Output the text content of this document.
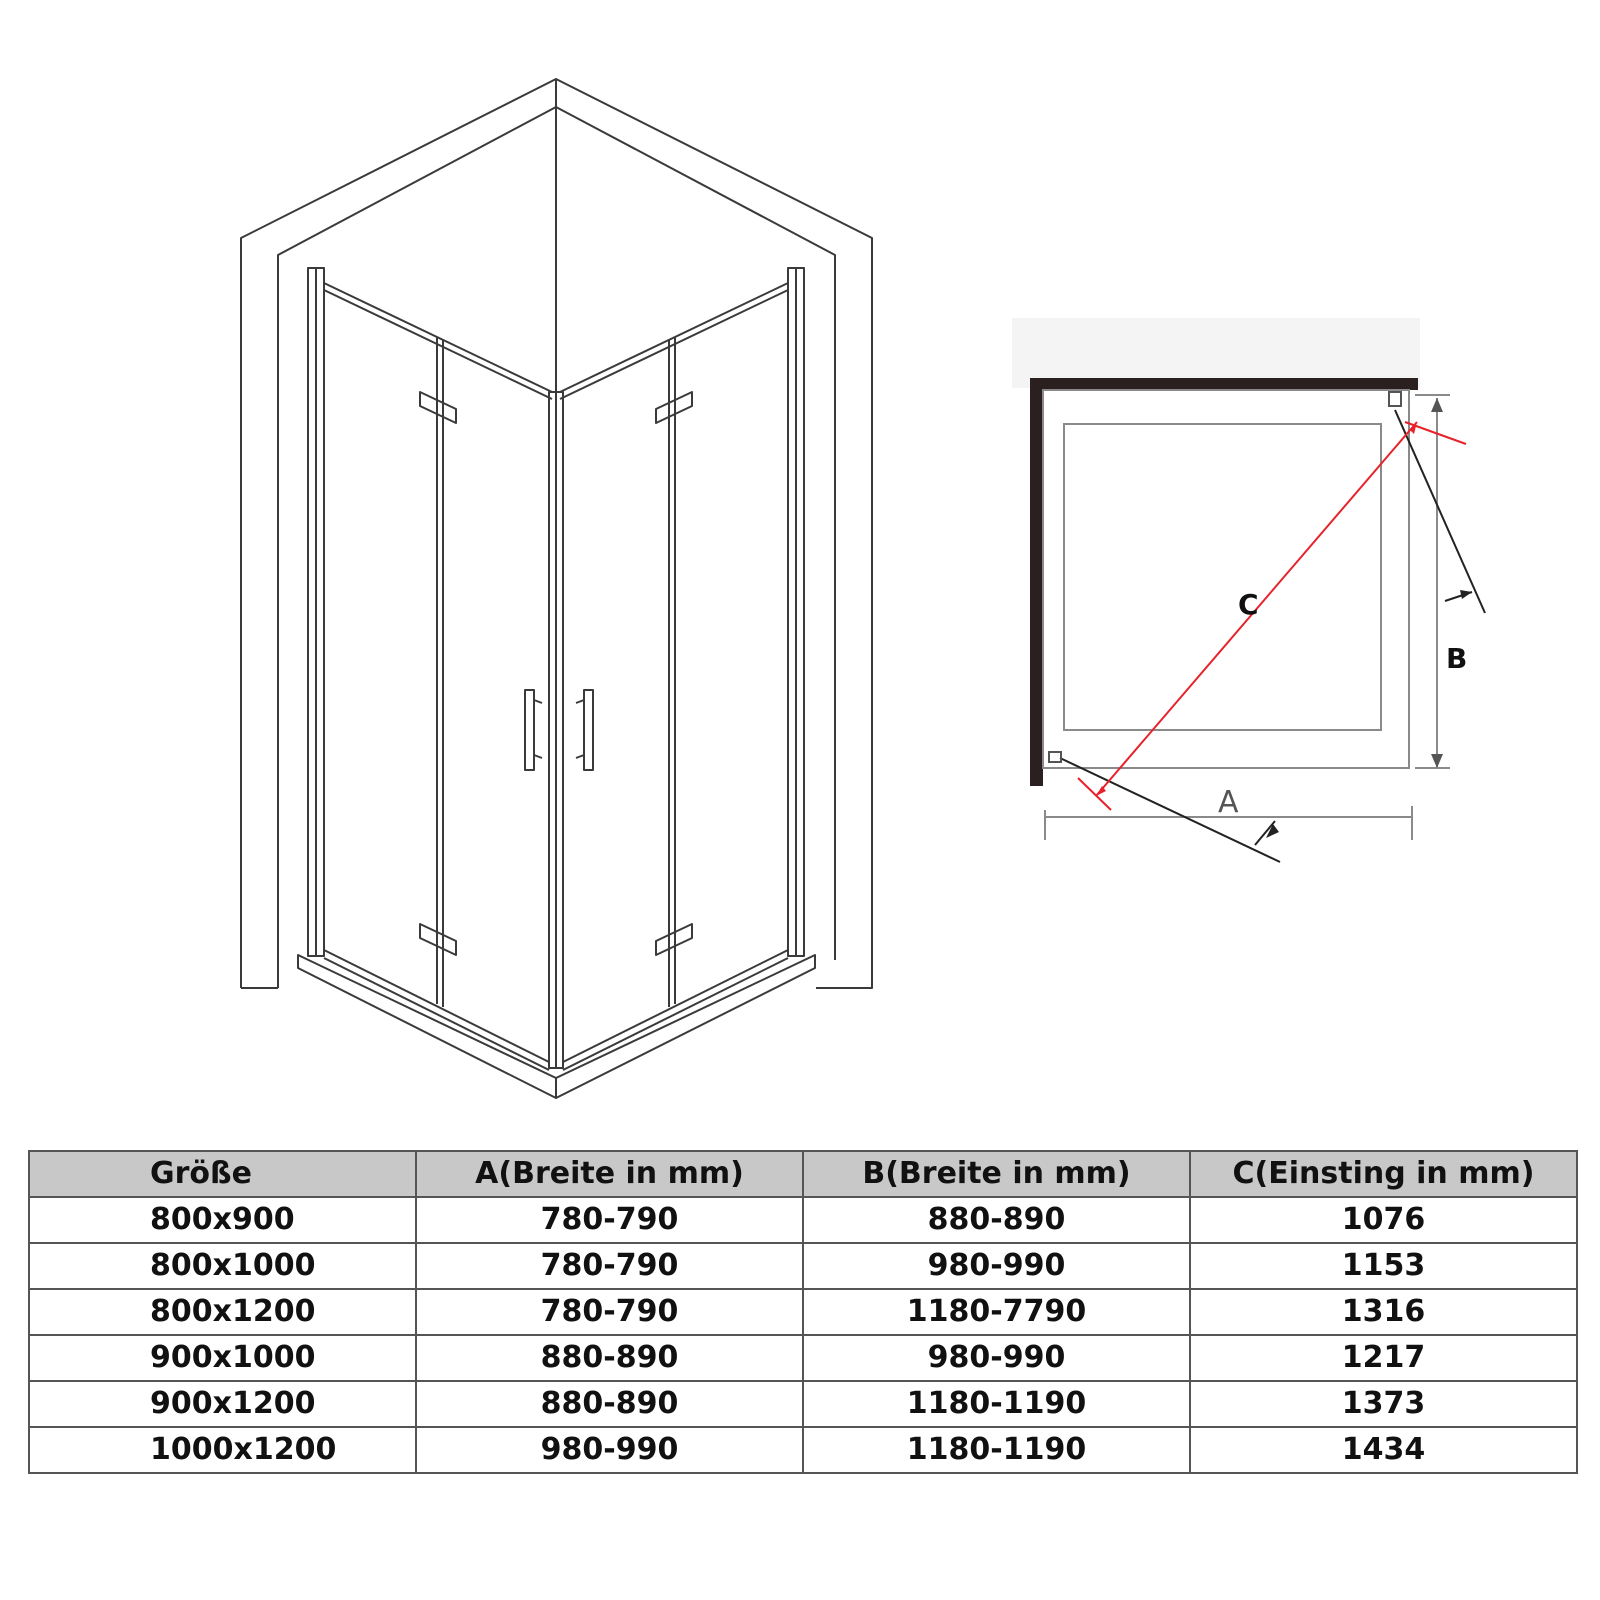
C
B
A
Größe	A(Breite in mm)	B(Breite in mm)	C(Einsting in mm)
800x900	780-790	880-890	1076
800x1000	780-790	980-990	1153
800x1200	780-790	1180-7790	1316
900x1000	880-890	980-990	1217
900x1200	880-890	1180-1190	1373
1000x1200	980-990	1180-1190	1434
